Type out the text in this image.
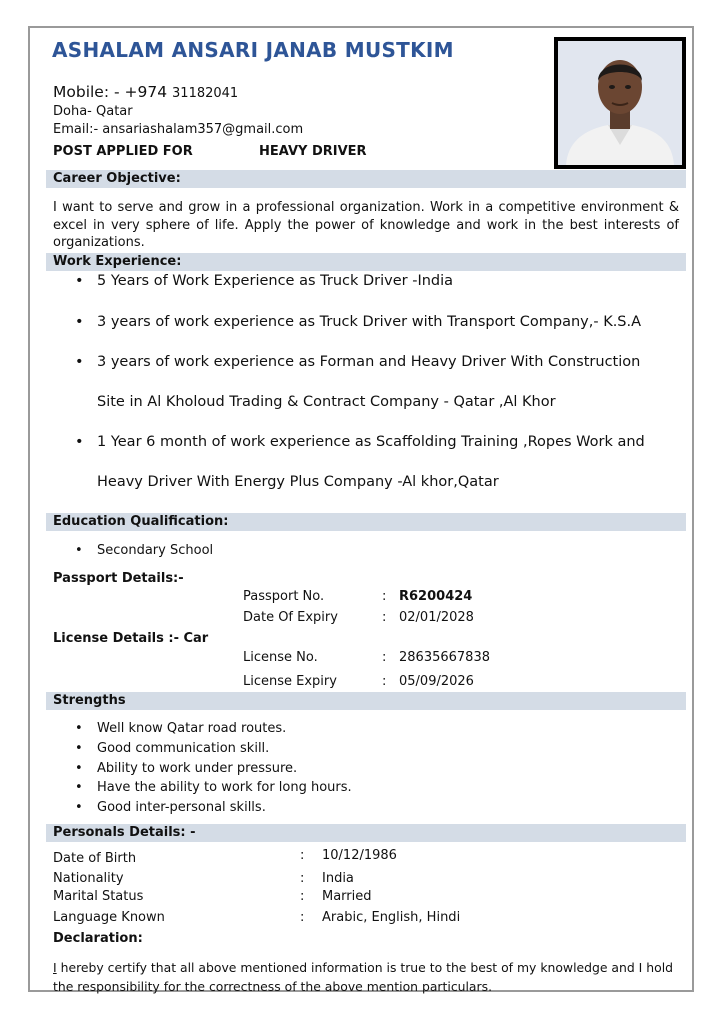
ASHALAM ANSARI JANAB MUSTKIM
Mobile: - +974 31182041
Doha- Qatar
Email:- ansariashalam357@gmail.com
POST APPLIED FOR	HEAVY DRIVER
Career Objective:
I want to serve and grow in a professional organization. Work in a competitive environment & excel in very sphere of life. Apply the power of knowledge and work in the best interests of organizations.
Work Experience:
• 5 Years of Work Experience as Truck Driver -India
• 3 years of work experience as Truck Driver with Transport Company,- K.S.A
• 3 years of work experience as Forman and Heavy Driver With Construction
Site in Al Kholoud Trading & Contract Company - Qatar ,Al Khor
• 1 Year 6 month of work experience as Scaffolding Training ,Ropes Work and
Heavy Driver With Energy Plus Company -Al khor,Qatar
Education Qualification:
• Secondary School
Passport Details:-
Passport No.	: R6200424
Date Of Expiry	: 02/01/2028
License Details :- Car
License No.	: 28635667838
License Expiry	: 05/09/2026
Strengths
• Well know Qatar road routes.
• Good communication skill.
• Ability to work under pressure.
• Have the ability to work for long hours.
• Good inter-personal skills.
Personals Details: -
Date of Birth	: 10/12/1986
Nationality	: India
Marital Status	: Married
Language Known	: Arabic, English, Hindi
Declaration:
I hereby certify that all above mentioned information is true to the best of my knowledge and I hold the responsibility for the correctness of the above mention particulars.
